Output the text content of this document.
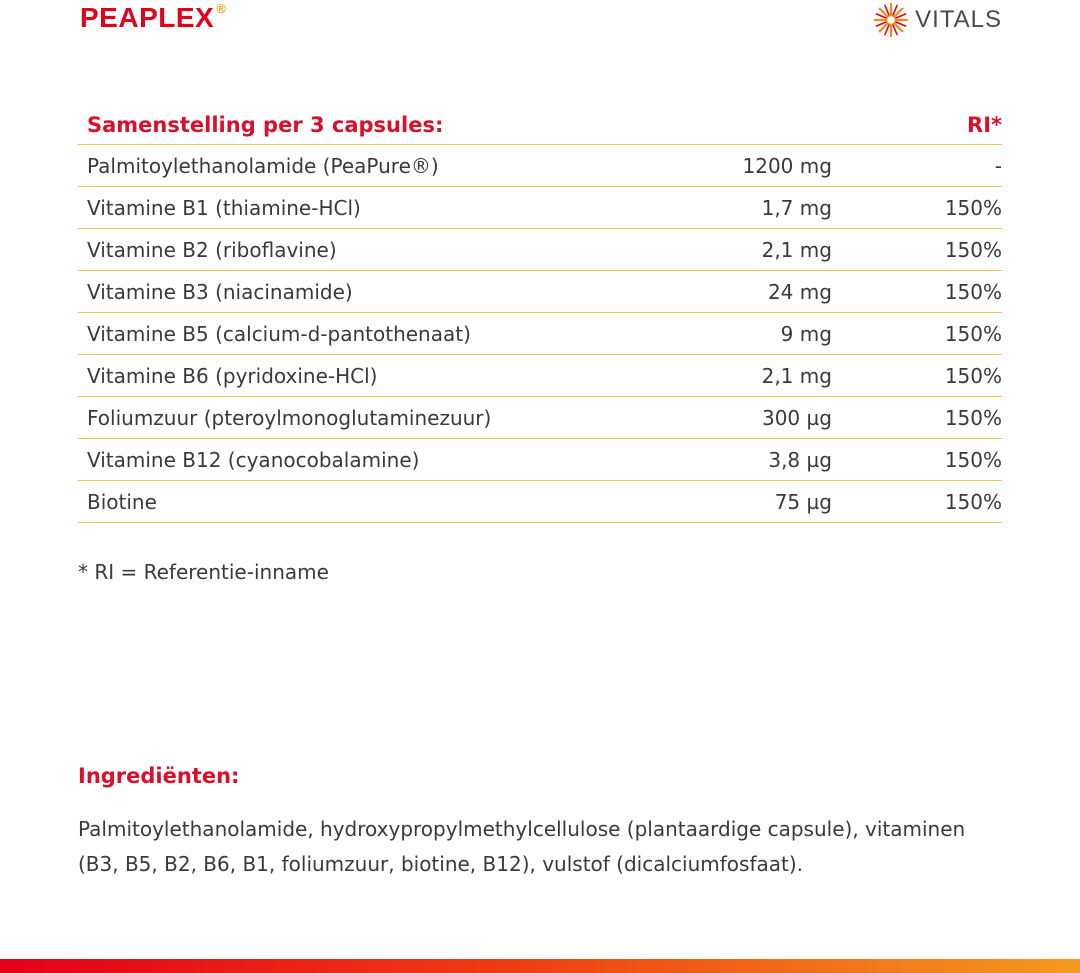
PEAPLEX ®	VITALS
Samenstelling per 3 capsules:		RI*
Palmitoylethanolamide (PeaPure®)	1200 mg	-
Vitamine B1 (thiamine-HCl)	1,7 mg	150%
Vitamine B2 (riboflavine)	2,1 mg	150%
Vitamine B3 (niacinamide)	24 mg	150%
Vitamine B5 (calcium-d-pantothenaat)	9 mg	150%
Vitamine B6 (pyridoxine-HCl)	2,1 mg	150%
Foliumzuur (pteroylmonoglutaminezuur)	300 µg	150%
Vitamine B12 (cyanocobalamine)	3,8 µg	150%
Biotine	75 µg	150%
* RI = Referentie-inname
Ingrediënten:
Palmitoylethanolamide, hydroxypropylmethylcellulose (plantaardige capsule), vitaminen (B3, B5, B2, B6, B1, foliumzuur, biotine, B12), vulstof (dicalciumfosfaat).
